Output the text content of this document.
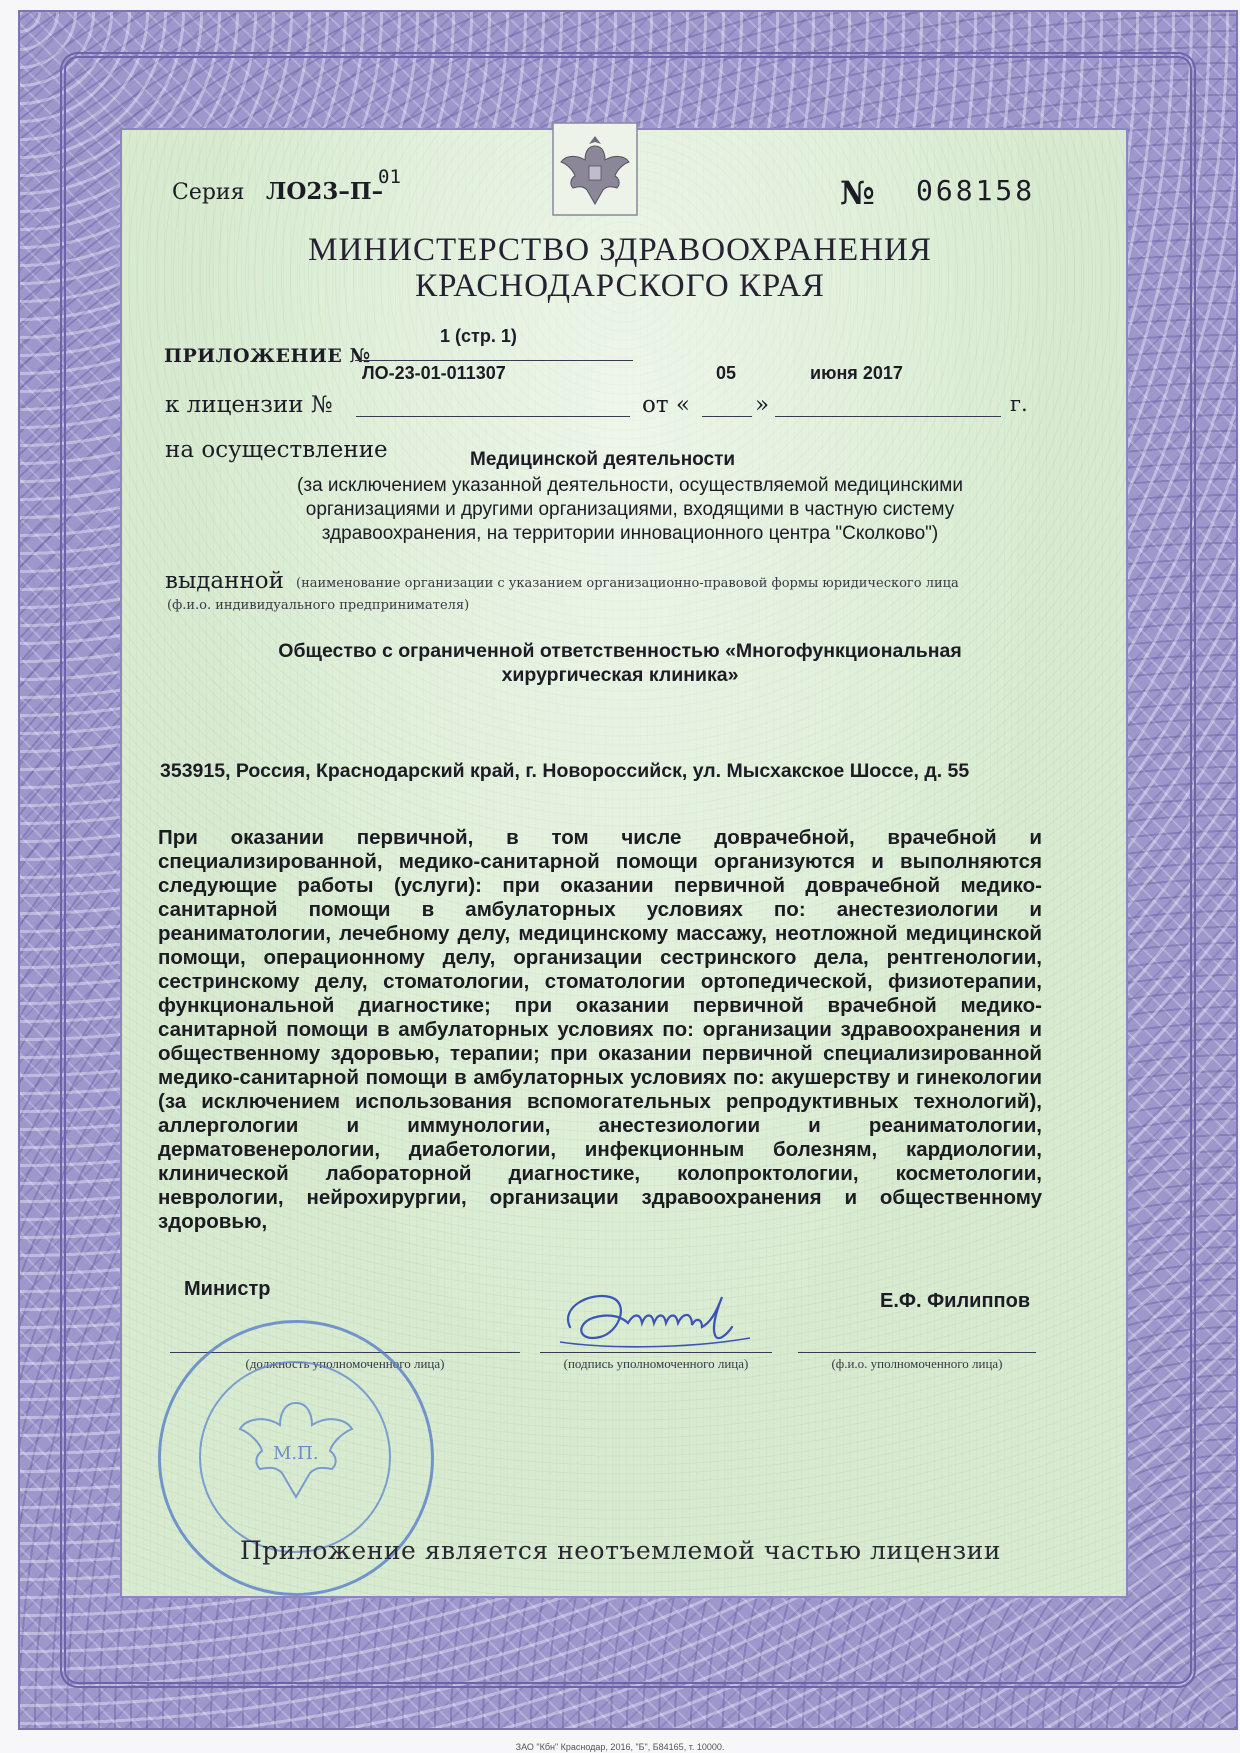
Серия ЛО23–П–
01	№ 068158
МИНИСТЕРСТВО ЗДРАВООХРАНЕНИЯ
КРАСНОДАРСКОГО КРАЯ
ПРИЛОЖЕНИЕ №
1 (стр. 1)
к лицензии №
ЛО-23-01-011307
от «
05
»
июня 2017
г.
на осуществление	Медицинской деятельности
(за исключением указанной деятельности, осуществляемой медицинскими организациями и другими организациями, входящими в частную систему здравоохранения, на территории инновационного центра "Сколково")
выданной (наименование организации с указанием организационно-правовой формы юридического лица
(ф.и.о. индивидуального предпринимателя)
Общество с ограниченной ответственностью «Многофункциональная хирургическая клиника»
353915, Россия, Краснодарский край, г. Новороссийск, ул. Мысхакское Шоссе, д. 55
При оказании первичной, в том числе доврачебной, врачебной и специализированной, медико-санитарной помощи организуются и выполняются следующие работы (услуги): при оказании первичной доврачебной медико-санитарной помощи в амбулаторных условиях по: анестезиологии и реаниматологии, лечебному делу, медицинскому массажу, неотложной медицинской помощи, операционному делу, организации сестринского дела, рентгенологии, сестринскому делу, стоматологии, стоматологии ортопедической, физиотерапии, функциональной диагностике; при оказании первичной врачебной медико-санитарной помощи в амбулаторных условиях по: организации здравоохранения и общественному здоровью, терапии; при оказании первичной специализированной медико-санитарной помощи в амбулаторных условиях по: акушерству и гинекологии (за исключением использования вспомогательных репродуктивных технологий), аллергологии и иммунологии, анестезиологии и реаниматологии, дерматовенерологии, диабетологии, инфекционным болезням, кардиологии, клинической лабораторной диагностике, колопроктологии, косметологии, неврологии, нейрохирургии, организации здравоохранения и общественному здоровью,
Министр
Е.Ф. Филиппов
(должность уполномоченного лица)	(подпись уполномоченного лица)	(ф.и.о. уполномоченного лица)
М.П.
Приложение является неотъемлемой частью лицензии
ЗАО "Кбн" Краснодар, 2016, "Б", Б84165, т. 10000.
